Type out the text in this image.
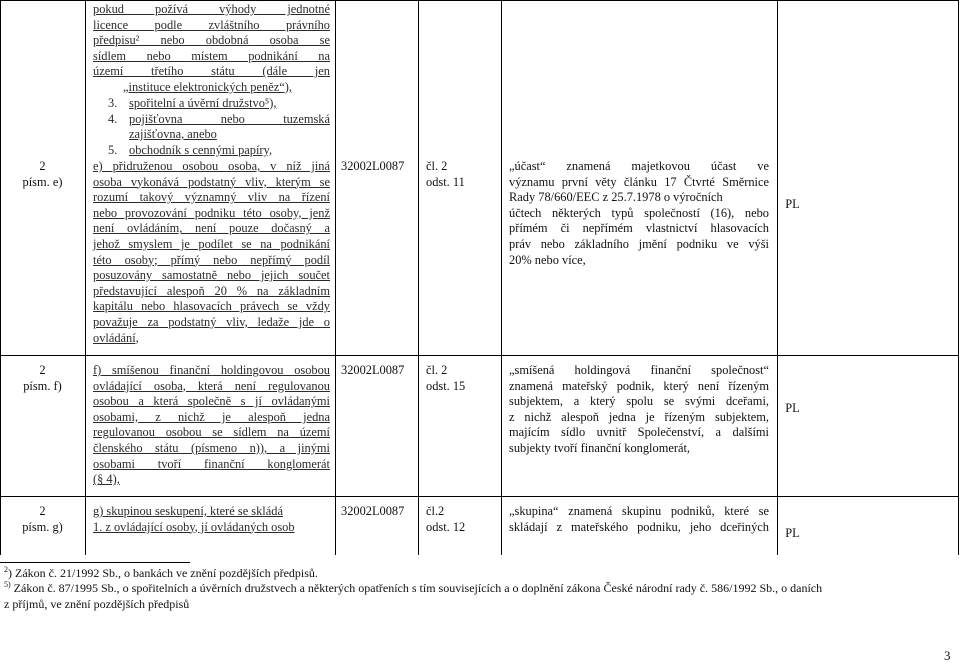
pokud požívá výhody jednotné
licence podle zvláštního právního
předpisu² nebo obdobná osoba se
sídlem nebo místem podnikání na
území třetího státu (dále jen
„instituce elektronických peněz“),
3. spořitelní a úvěrní družstvo⁵),
4. pojišťovna nebo tuzemská
zajišťovna, anebo
5. obchodník s cennými papíry,
2
písm. e)
e) přidruženou osobou osoba, v níž jiná
osoba vykonává podstatný vliv, kterým se
rozumí takový významný vliv na řízení
nebo provozování podniku této osoby, jenž
není ovládáním, není pouze dočasný a
jehož smyslem je podílet se na podnikání
této osoby; přímý nebo nepřímý podíl
posuzovány samostatně nebo jejich součet
představující alespoň 20 % na základním
kapitálu nebo hlasovacích právech se vždy
považuje za podstatný vliv, ledaže jde o
ovládání,
32002L0087 čl. 2
odst. 11
„účast“ znamená majetkovou účast ve
významu první věty článku 17 Čtvrté Směrnice
Rady 78/660/EEC z 25.7.1978 o výročních
účtech některých typů společností (16), nebo
přímém či nepřímém vlastnictví hlasovacích
práv nebo základního jmění podniku ve výši
20% nebo více,
PL
2
písm. f)
f) smíšenou finanční holdingovou osobou
ovládající osoba, která není regulovanou
osobou a která společně s jí ovládanými
osobami, z nichž je alespoň jedna
regulovanou osobou se sídlem na území
členského státu (písmeno n)), a jinými
osobami tvoří finanční konglomerát
(§ 4),
32002L0087 čl. 2
odst. 15
„smíšená holdingová finanční společnost“
znamená mateřský podnik, který není řízeným
subjektem, a který spolu se svými dceřami,
z nichž alespoň jedna je řízeným subjektem,
majícím sídlo uvnitř Společenství, a dalšími
subjekty tvoří finanční konglomerát,
PL
2
písm. g)
g) skupinou seskupení, které se skládá
1. z ovládající osoby, jí ovládaných osob
32002L0087 čl.2
odst. 12
„skupina“ znamená skupinu podniků, které se
skládají z mateřského podniku, jeho dceřiných	PL
$^2$) Zákon č. 21/1992 Sb., o bankách ve znění pozdějších předpisů.
$^{5)}$ Zákon č. 87/1995 Sb., o spořitelních a úvěrních družstvech a některých opatřeních s tím souvisejících a o doplnění zákona České národní rady č. 586/1992 Sb., o daních
z příjmů, ve znění pozdějších předpisů
3
